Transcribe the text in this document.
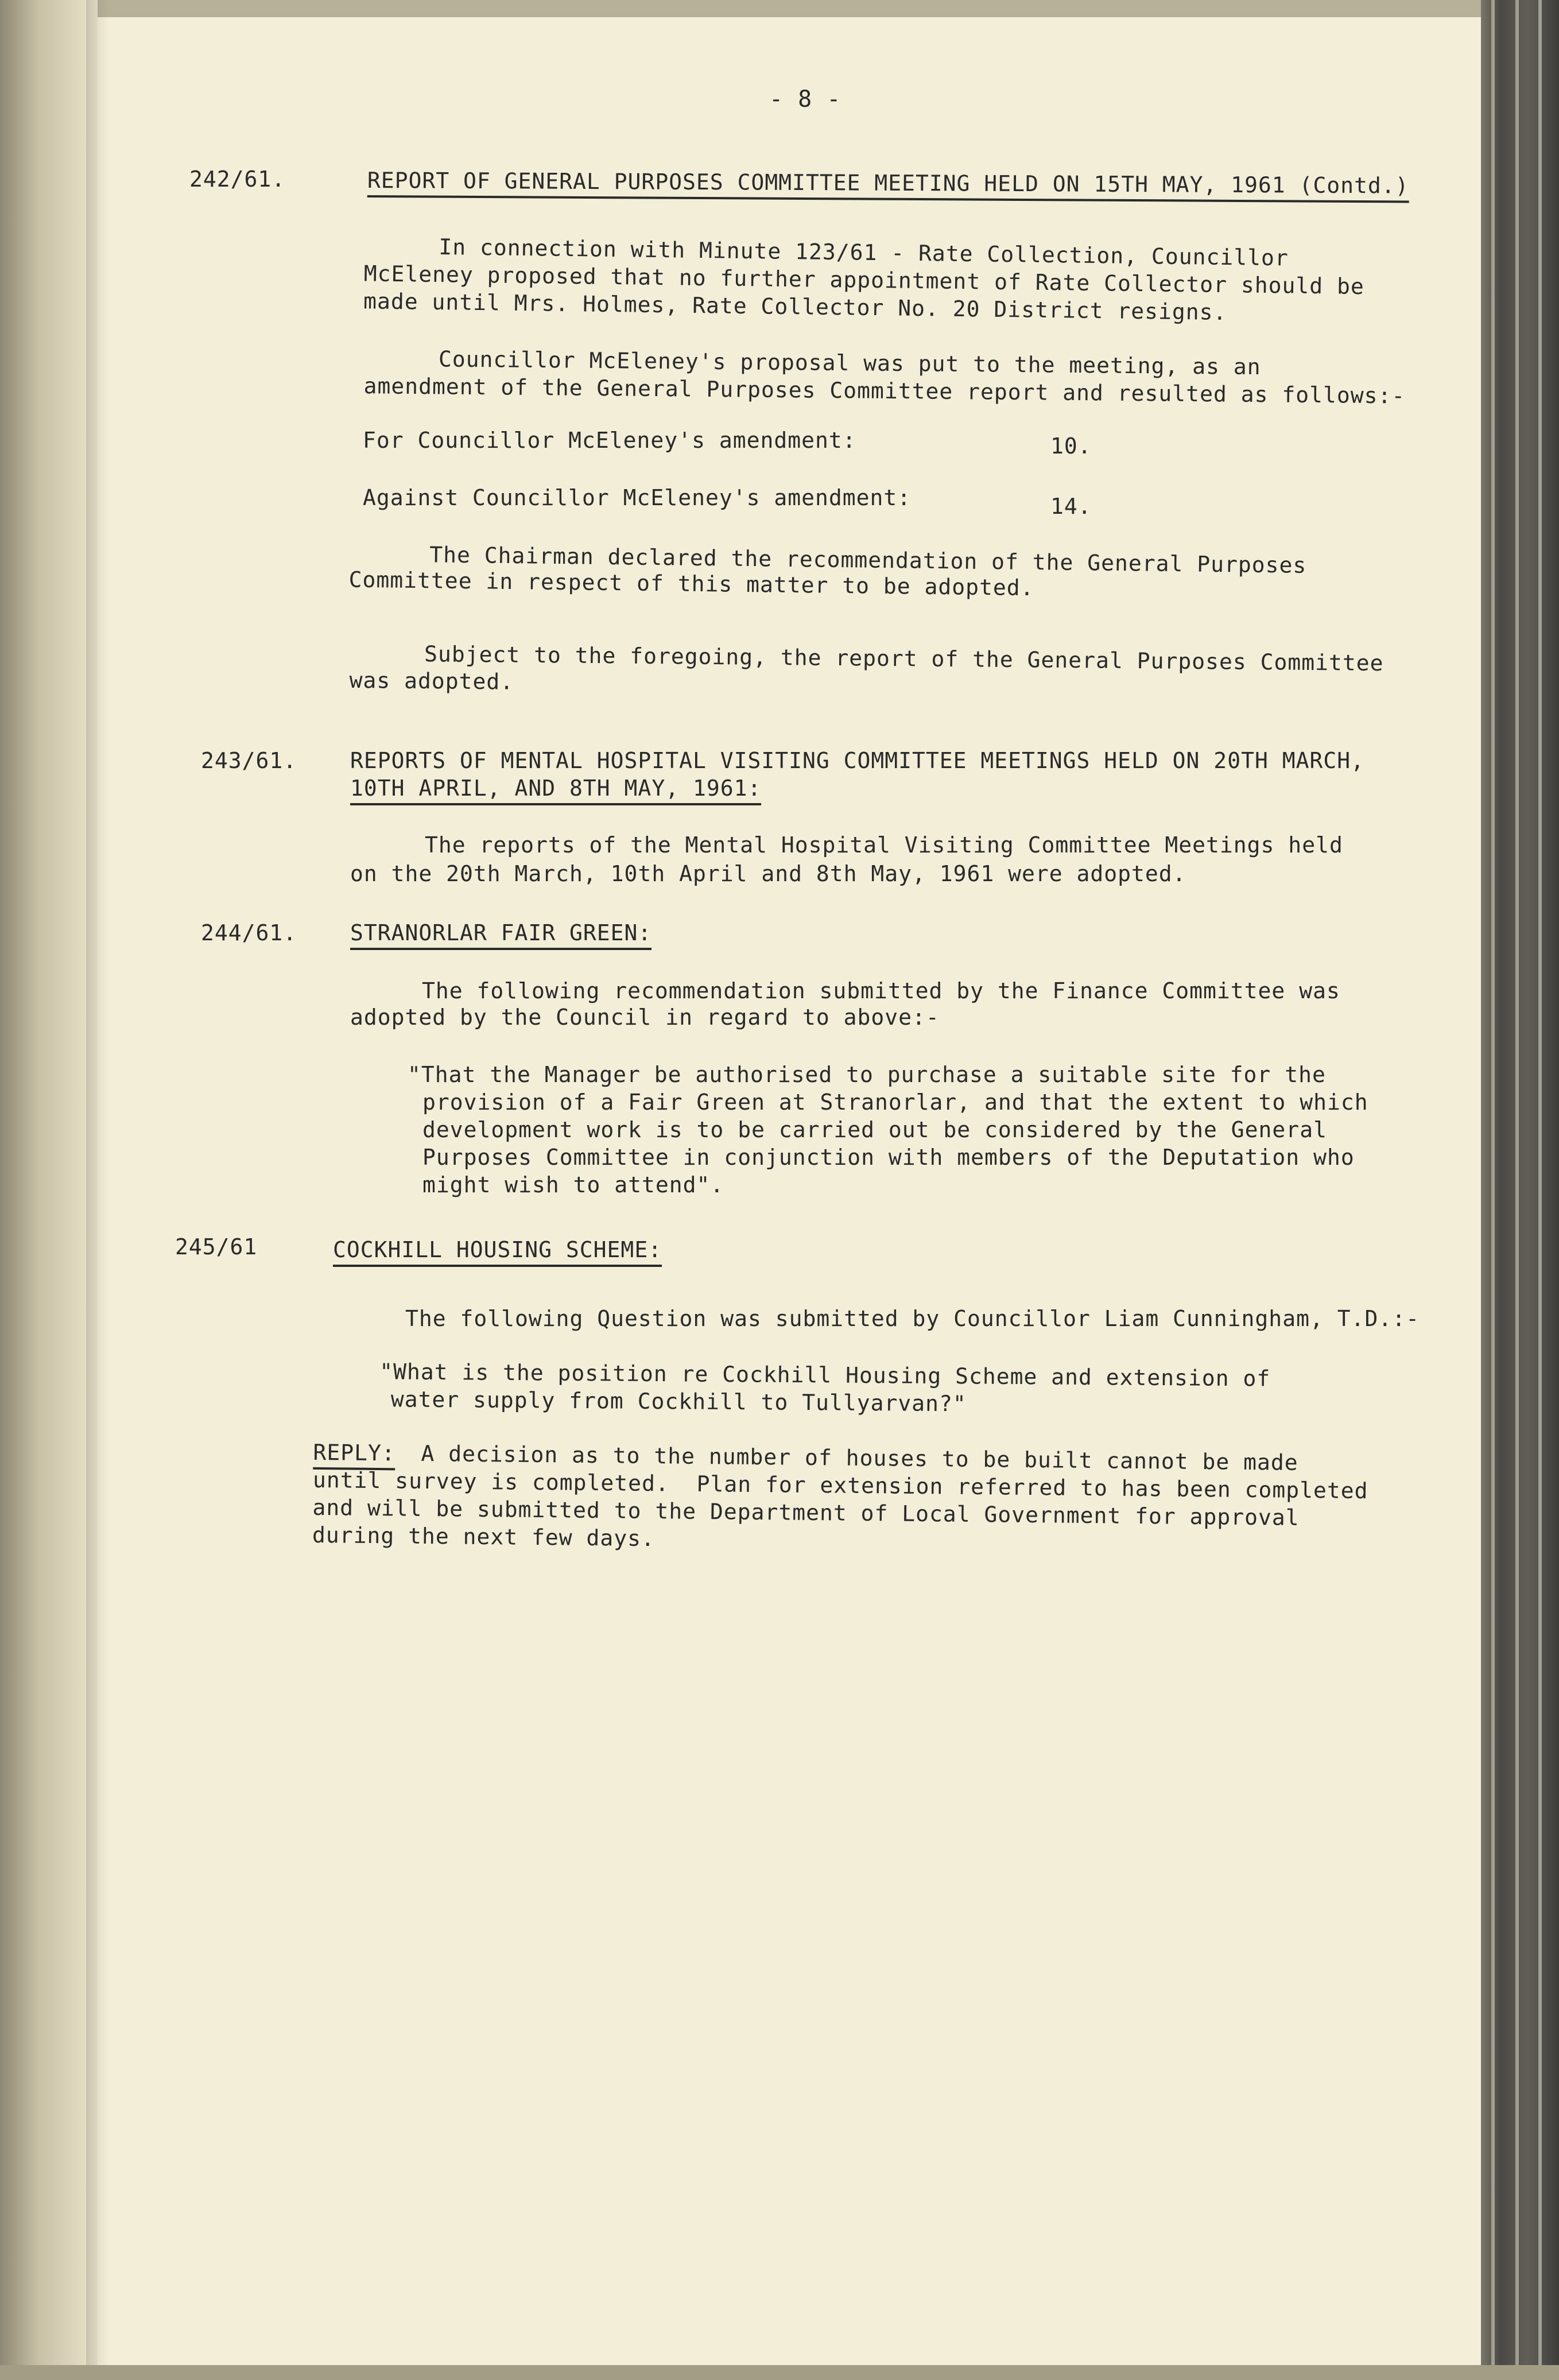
- 8 -
242/61.	REPORT OF GENERAL PURPOSES COMMITTEE MEETING HELD ON 15TH MAY, 1961 (Contd.)
In connection with Minute 123/61 - Rate Collection, Councillor
McEleney proposed that no further appointment of Rate Collector should be
made until Mrs. Holmes, Rate Collector No. 20 District resigns.
Councillor McEleney's proposal was put to the meeting, as an
amendment of the General Purposes Committee report and resulted as follows:-
For Councillor McEleney's amendment:	10.
Against Councillor McEleney's amendment:	14.
The Chairman declared the recommendation of the General Purposes
Committee in respect of this matter to be adopted.
Subject to the foregoing, the report of the General Purposes Committee
was adopted.
243/61. REPORTS OF MENTAL HOSPITAL VISITING COMMITTEE MEETINGS HELD ON 20TH MARCH,
10TH APRIL, AND 8TH MAY, 1961:
The reports of the Mental Hospital Visiting Committee Meetings held
on the 20th March, 10th April and 8th May, 1961 were adopted.
244/61. STRANORLAR FAIR GREEN:
The following recommendation submitted by the Finance Committee was
adopted by the Council in regard to above:-
"That the Manager be authorised to purchase a suitable site for the
provision of a Fair Green at Stranorlar, and that the extent to which
development work is to be carried out be considered by the General
Purposes Committee in conjunction with members of the Deputation who
might wish to attend".
245/61	COCKHILL HOUSING SCHEME:
The following Question was submitted by Councillor Liam Cunningham, T.D.:-
"What is the position re Cockhill Housing Scheme and extension of
water supply from Cockhill to Tullyarvan?"
REPLY: A decision as to the number of houses to be built cannot be made
until survey is completed.  Plan for extension referred to has been completed
and will be submitted to the Department of Local Government for approval
during the next few days.
